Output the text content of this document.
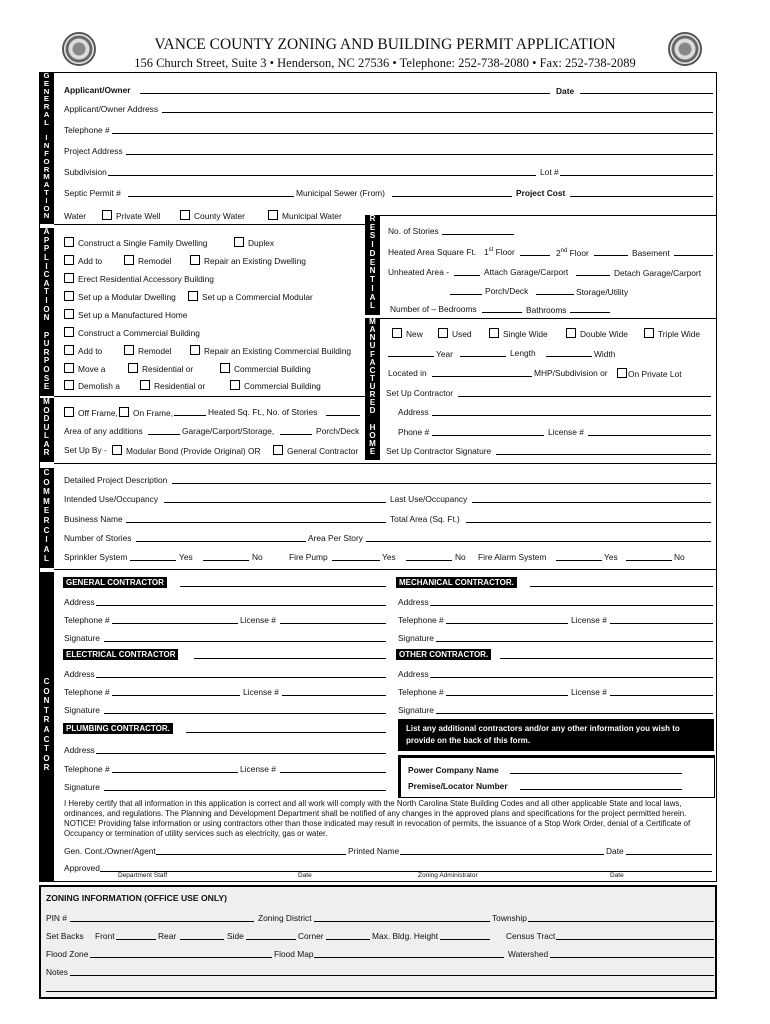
VANCE COUNTY ZONING AND BUILDING PERMIT APPLICATION
156 Church Street, Suite 3 • Henderson, NC 27536 • Telephone: 252-738-2080 • Fax: 252-738-2089
G
E
N
E
R
A
L

I
N
F
O
R
M
A
T
I
O
N
A
P
P
L
I
C
A
T
I
O
N

P
U
R
P
O
S
E
M
O
D
U
L
A
R
C
O
M
M
E
R
C
I
A
L
C
O
N
T
R
A
C
T
O
R
R
E
S
I
D
E
N
T
I
A
L
M
A
N
U
F
A
C
T
U
R
E
D

H
O
M
E
Applicant/Owner	Date
Applicant/Owner Address
Telephone #
Project Address
Subdivision	Lot #
Septic Permit #	Municipal Sewer (From)	Project Cost
Water	Private Well	County Water	Municipal Water
Construct a Single Family Dwelling	Duplex
Add to	Remodel	Repair an Existing Dwelling
Erect Residential Accessory Building
Set up a Modular Dwelling	Set up a Commercial Modular
Set up a Manufactured Home
Construct a Commercial Building
Add to	Remodel	Repair an Existing Commercial Building
Move a	Residential or	Commercial Building
Demolish a	Residential or	Commercial Building
No. of Stories
Heated Area Square Ft. 1st Floor	2nd Floor	Basement
Unheated Area -	Attach Garage/Carport	Detach Garage/Carport
Porch/Deck	Storage/Utility
Number of – Bedrooms	Bathrooms
New	Used	Single Wide	Double Wide	Triple Wide
Year	Length	Width
Located in	MHP/Subdivision or	On Private Lot
Set Up Contractor
Address
Phone #	License #
Set Up Contractor Signature
Off Frame,	On Frame,	Heated Sq. Ft., No. of Stories
Area of any additions	Garage/Carport/Storage,	Porch/Deck
Set Up By -	Modular Bond (Provide Original) OR	General Contractor
Detailed Project Description
Intended Use/Occupancy	Last Use/Occupancy
Business Name	Total Area (Sq. Ft.)
Number of Stories	Area Per Story
Sprinkler System	Yes	No	Fire Pump	Yes	No Fire Alarm System	Yes	No
GENERAL CONTRACTOR
Address
Telephone #	License #
Signature
MECHANICAL CONTRACTOR.
Address
Telephone #	License #
Signature
ELECTRICAL CONTRACTOR
Address
Telephone #	License #
Signature
OTHER CONTRACTOR.
Address
Telephone #	License #
Signature
PLUMBING CONTRACTOR.
Address
Telephone #	License #
Signature
List any additional contractors and/or any other information you wish to provide on the back of this form.
Power Company Name
Premise/Locator Number
I Hereby certify that all information in this application is correct and all work will comply with the North Carolina State Building Codes and all other applicable State and local laws, ordinances, and regulations. The Planning and Development Department shall be notified of any changes in the approved plans and specifications for the project permitted herein. NOTICE! Providing false information or using contractors other than those indicated may result in revocation of permits, the issuance of a Stop Work Order, denial of a Certificate of Occupancy or termination of utility services such as electricity, gas or water.
Gen. Cont./Owner/Agent	Printed Name	Date
Approved
Department Staff	Date	Zoning Administrator	Date
ZONING INFORMATION (OFFICE USE ONLY)
PIN #	Zoning District	Township
Set Backs Front	Rear	Side	Corner	Max. Bldg. Height	Census Tract
Flood Zone	Flood Map	Watershed
Notes
